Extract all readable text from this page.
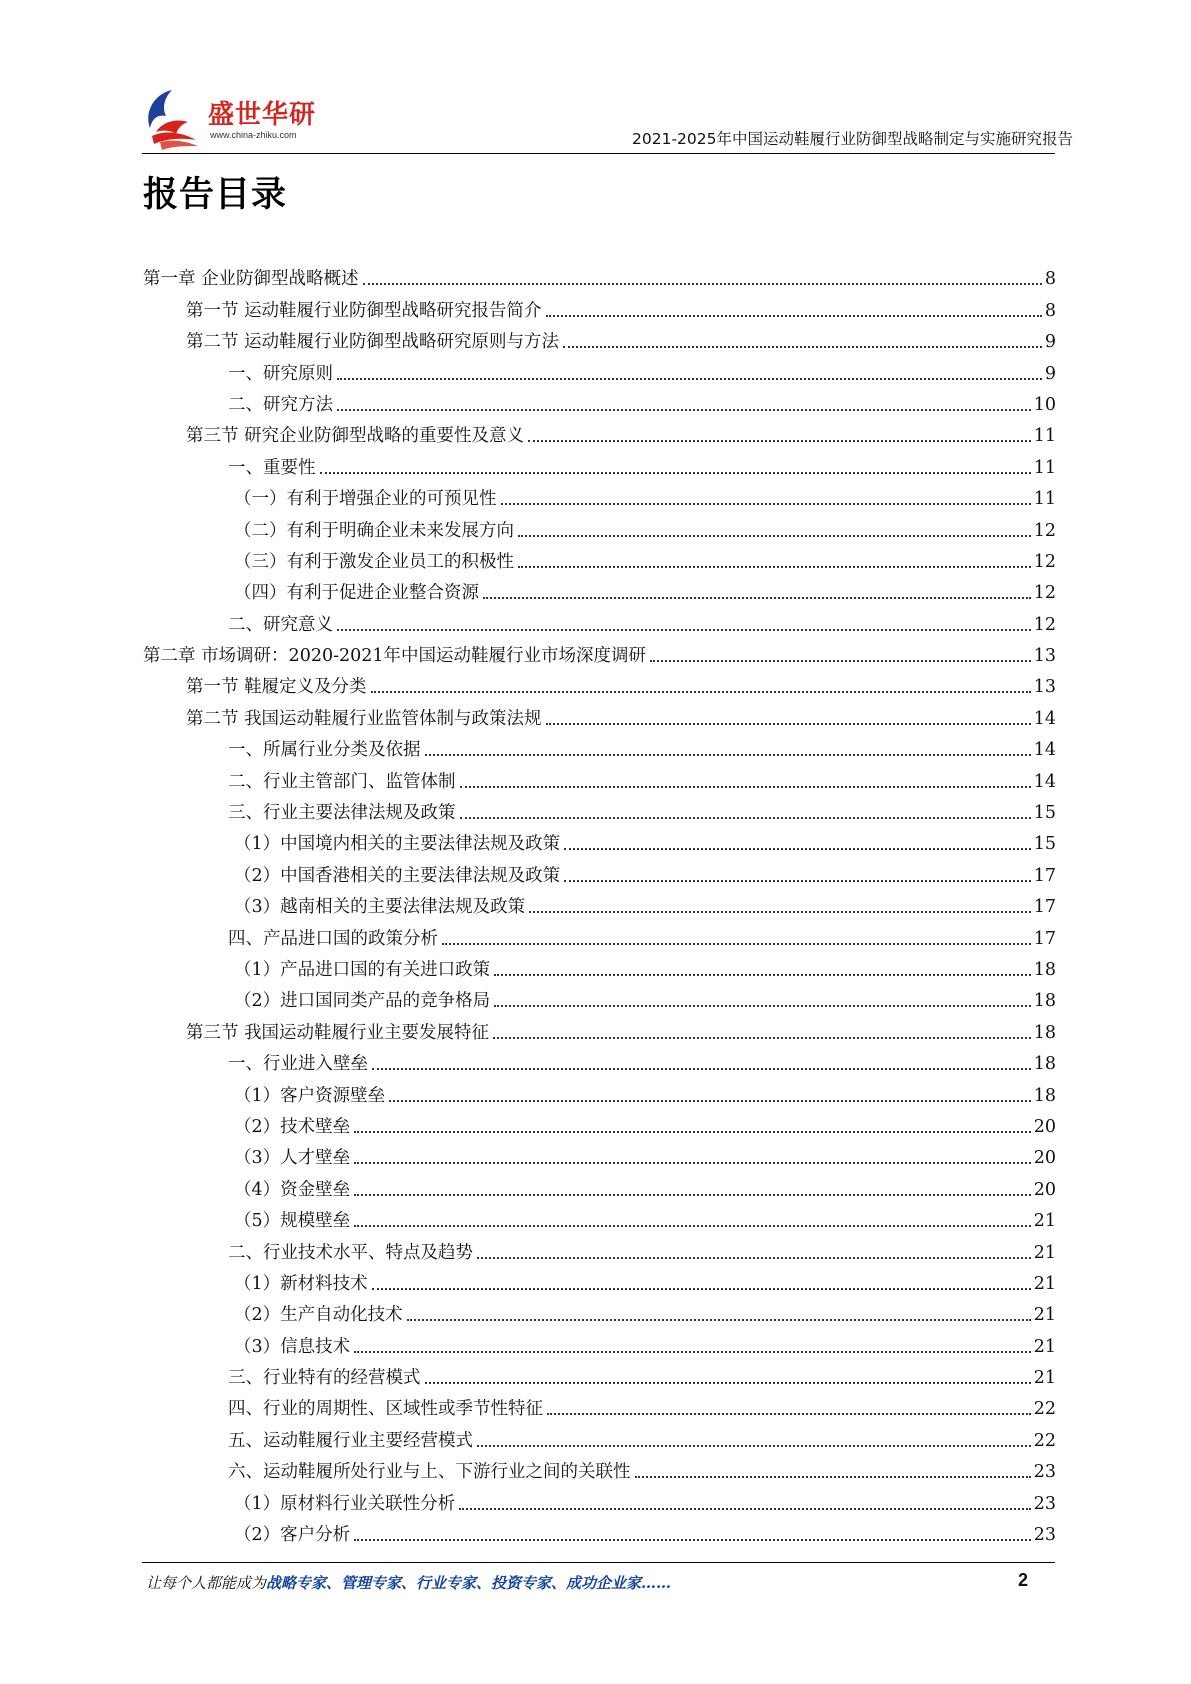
盛世华研
www.china-zhiku.com	2021-2025年中国运动鞋履行业防御型战略制定与实施研究报告
报告目录
第一章 企业防御型战略概述	8
第一节 运动鞋履行业防御型战略研究报告简介	8
第二节 运动鞋履行业防御型战略研究原则与方法	9
一、研究原则	9
二、研究方法	10
第三节 研究企业防御型战略的重要性及意义	11
一、重要性	11
（一）有利于增强企业的可预见性	11
（二）有利于明确企业未来发展方向	12
（三）有利于激发企业员工的积极性	12
（四）有利于促进企业整合资源	12
二、研究意义	12
第二章 市场调研：2020-2021年中国运动鞋履行业市场深度调研	13
第一节 鞋履定义及分类	13
第二节 我国运动鞋履行业监管体制与政策法规	14
一、所属行业分类及依据	14
二、行业主管部门、监管体制	14
三、行业主要法律法规及政策	15
（1）中国境内相关的主要法律法规及政策	15
（2）中国香港相关的主要法律法规及政策	17
（3）越南相关的主要法律法规及政策	17
四、产品进口国的政策分析	17
（1）产品进口国的有关进口政策	18
（2）进口国同类产品的竞争格局	18
第三节 我国运动鞋履行业主要发展特征	18
一、行业进入壁垒	18
（1）客户资源壁垒	18
（2）技术壁垒	20
（3）人才壁垒	20
（4）资金壁垒	20
（5）规模壁垒	21
二、行业技术水平、特点及趋势	21
（1）新材料技术	21
（2）生产自动化技术	21
（3）信息技术	21
三、行业特有的经营模式	21
四、行业的周期性、区域性或季节性特征	22
五、运动鞋履行业主要经营模式	22
六、运动鞋履所处行业与上、下游行业之间的关联性	23
（1）原材料行业关联性分析	23
（2）客户分析	23
让每个人都能成为战略专家、管理专家、行业专家、投资专家、成功企业家……	2
